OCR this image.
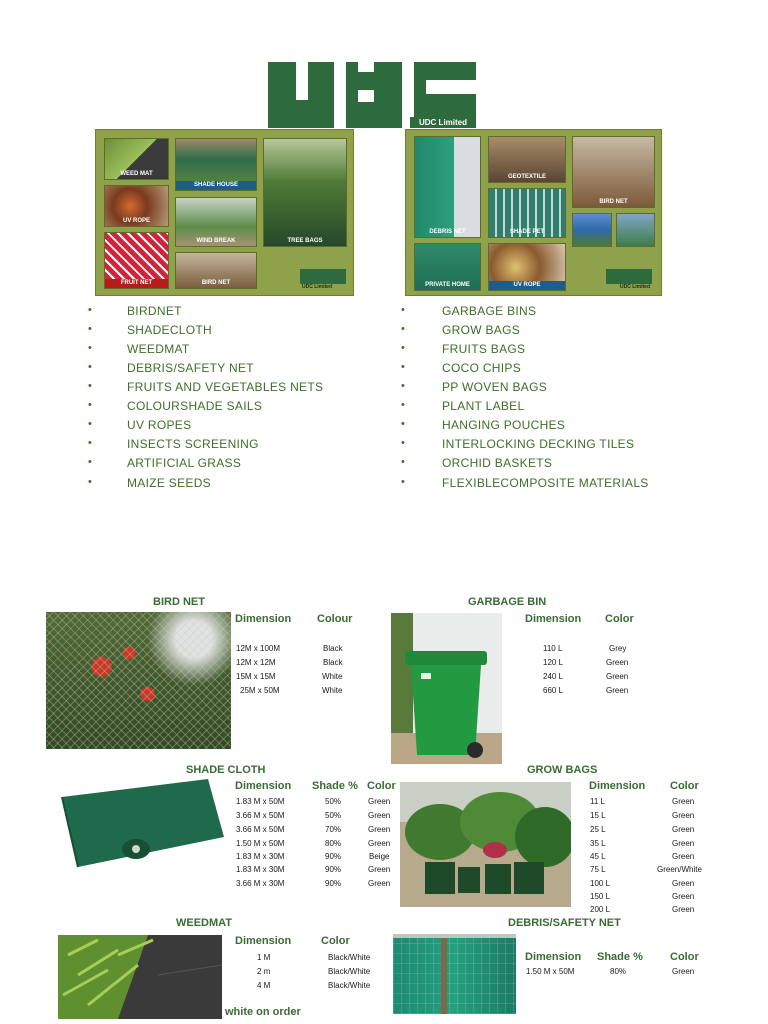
UDC Limited
WEED MAT
SHADE HOUSE
UV ROPE
WIND BREAK	TREE BAGS
FRUIT NET	BIRD NET
UDC Limited
DEBRIS NET
GEOTEXTILE
BIRD NET
SHADE PET
PRIVATE HOME	UV ROPE	UDC Limited
•	BIRDNET
•	SHADECLOTH
•	WEEDMAT
•	DEBRIS/SAFETY NET
•	FRUITS AND VEGETABLES NETS
•	COLOURSHADE SAILS
•	UV ROPES
•	INSECTS SCREENING
•	ARTIFICIAL GRASS
•	MAIZE SEEDS
•	GARBAGE BINS
•	GROW BAGS
•	FRUITS BAGS
•	COCO CHIPS
•	PP WOVEN BAGS
•	PLANT LABEL
•	HANGING POUCHES
•	INTERLOCKING DECKING TILES
•	ORCHID BASKETS
•	FLEXIBLECOMPOSITE MATERIALS
BIRD NET
Dimension Colour
12M x 100M	Black
12M x 12M	Black
15M x 15M	White
25M x 50M	White
GARBAGE BIN
Dimension Color
110 L	Grey
120 L	Green
240 L	Green
660 L	Green
SHADE CLOTH
Dimension Shade % Color
1.83 M x 50M	50%	Green
3.66 M x 50M	50%	Green
3.66 M x 50M	70%	Green
1.50 M x 50M	80%	Green
1.83 M x 30M	90%	Beige
1.83 M x 30M	90%	Green
3.66 M x 30M	90%	Green
GROW BAGS
Dimension Color
11 L	Green
15 L	Green
25 L	Green
35 L	Green
45 L	Green
75 L	Green/White
100 L	Green
150 L	Green
200 L	Green
WEEDMAT
Dimension	Color
1 M	Black/White
2 m	Black/White
4 M	Black/White
white on order
DEBRIS/SAFETY NET
Dimension Shade % Color
1.50 M x 50M	80%	Green
